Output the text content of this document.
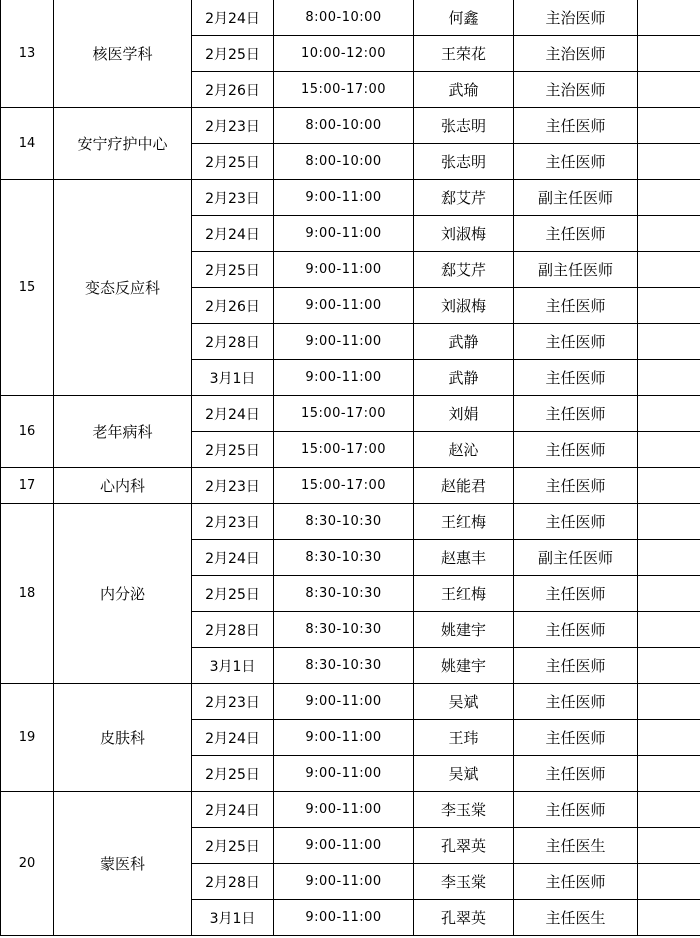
13	核医学科	2月24日	8:00-10:00	何鑫	主治医师	
		2月25日	10:00-12:00	王荣花	主治医师	
		2月26日	15:00-17:00	武瑜	主治医师	
14	安宁疗护中心	2月23日	8:00-10:00	张志明	主任医师	
		2月25日	8:00-10:00	张志明	主任医师	
15	变态反应科	2月23日	9:00-11:00	郄艾芹	副主任医师	
		2月24日	9:00-11:00	刘淑梅	主任医师	
		2月25日	9:00-11:00	郄艾芹	副主任医师	
		2月26日	9:00-11:00	刘淑梅	主任医师	
		2月28日	9:00-11:00	武静	主任医师	
		3月1日	9:00-11:00	武静	主任医师	
16	老年病科	2月24日	15:00-17:00	刘娟	主任医师	
		2月25日	15:00-17:00	赵沁	主任医师	
17	心内科	2月23日	15:00-17:00	赵能君	主任医师	
18	内分泌	2月23日	8:30-10:30	王红梅	主任医师	
		2月24日	8:30-10:30	赵惠丰	副主任医师	
		2月25日	8:30-10:30	王红梅	主任医师	
		2月28日	8:30-10:30	姚建宇	主任医师	
		3月1日	8:30-10:30	姚建宇	主任医师	
19	皮肤科	2月23日	9:00-11:00	吴斌	主任医师	
		2月24日	9:00-11:00	王玮	主任医师	
		2月25日	9:00-11:00	吴斌	主任医师	
20	蒙医科	2月24日	9:00-11:00	李玉棠	主任医师	
		2月25日	9:00-11:00	孔翠英	主任医生	
		2月28日	9:00-11:00	李玉棠	主任医师	
		3月1日	9:00-11:00	孔翠英	主任医生	
